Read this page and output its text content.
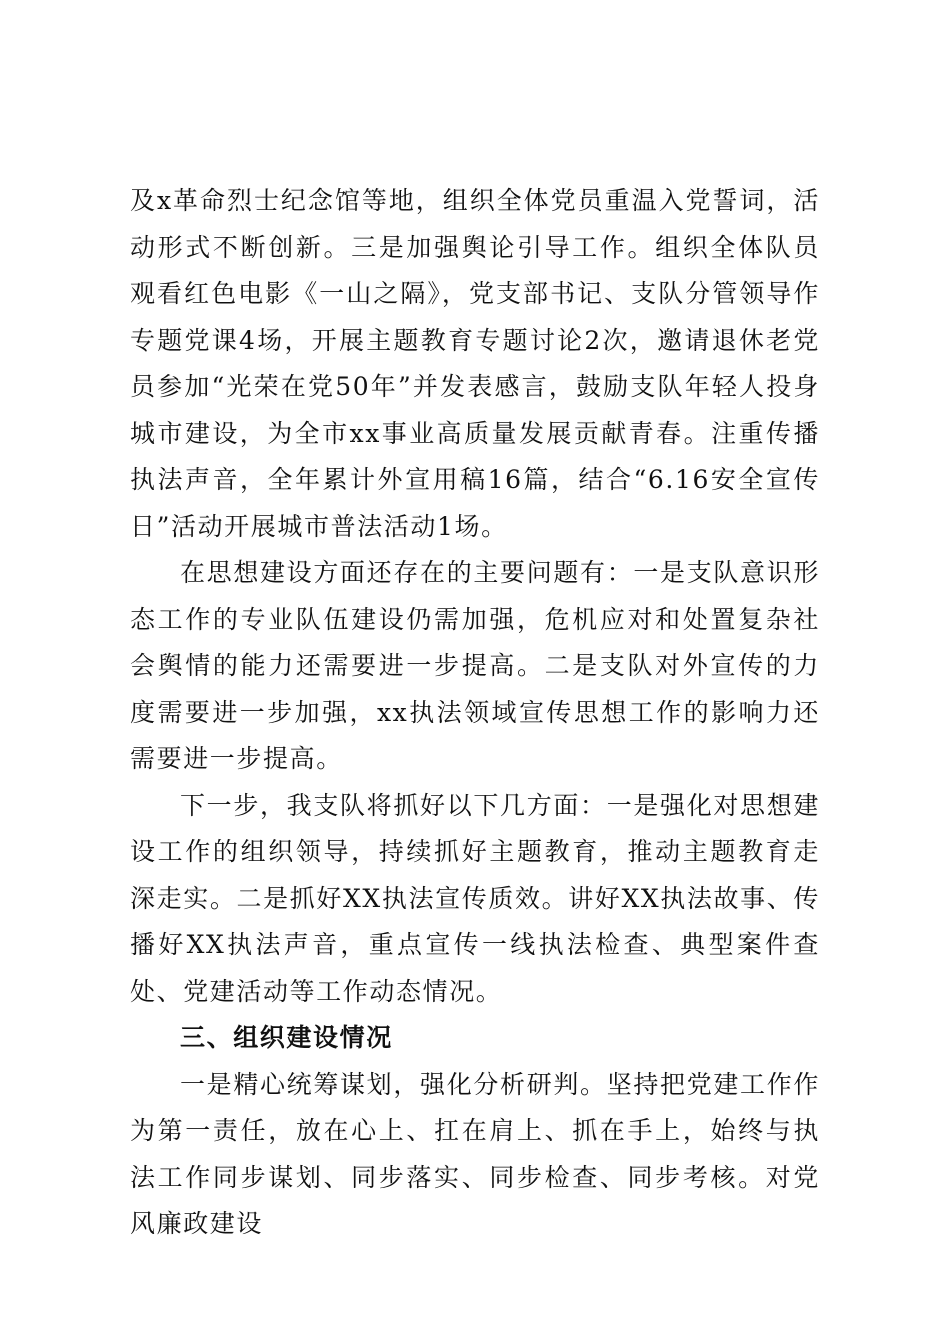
及x革命烈士纪念馆等地，组织全体党员重温入党誓词，活动形式不断创新。三是加强舆论引导工作。组织全体队员观看红色电影《一山之隔》，党支部书记、支队分管领导作专题党课4场，开展主题教育专题讨论2次，邀请退休老党员参加“光荣在党50年”并发表感言，鼓励支队年轻人投身城市建设，为全市xx事业高质量发展贡献青春。注重传播执法声音，全年累计外宣用稿16篇，结合“6.16安全宣传日”活动开展城市普法活动1场。

在思想建设方面还存在的主要问题有：一是支队意识形态工作的专业队伍建设仍需加强，危机应对和处置复杂社会舆情的能力还需要进一步提高。二是支队对外宣传的力度需要进一步加强，xx执法领域宣传思想工作的影响力还需要进一步提高。

下一步，我支队将抓好以下几方面：一是强化对思想建设工作的组织领导，持续抓好主题教育，推动主题教育走深走实。二是抓好XX执法宣传质效。讲好XX执法故事、传播好XX执法声音，重点宣传一线执法检查、典型案件查处、党建活动等工作动态情况。

三、组织建设情况

一是精心统筹谋划，强化分析研判。坚持把党建工作作为第一责任，放在心上、扛在肩上、抓在手上，始终与执法工作同步谋划、同步落实、同步检查、同步考核。对党风廉政建设
